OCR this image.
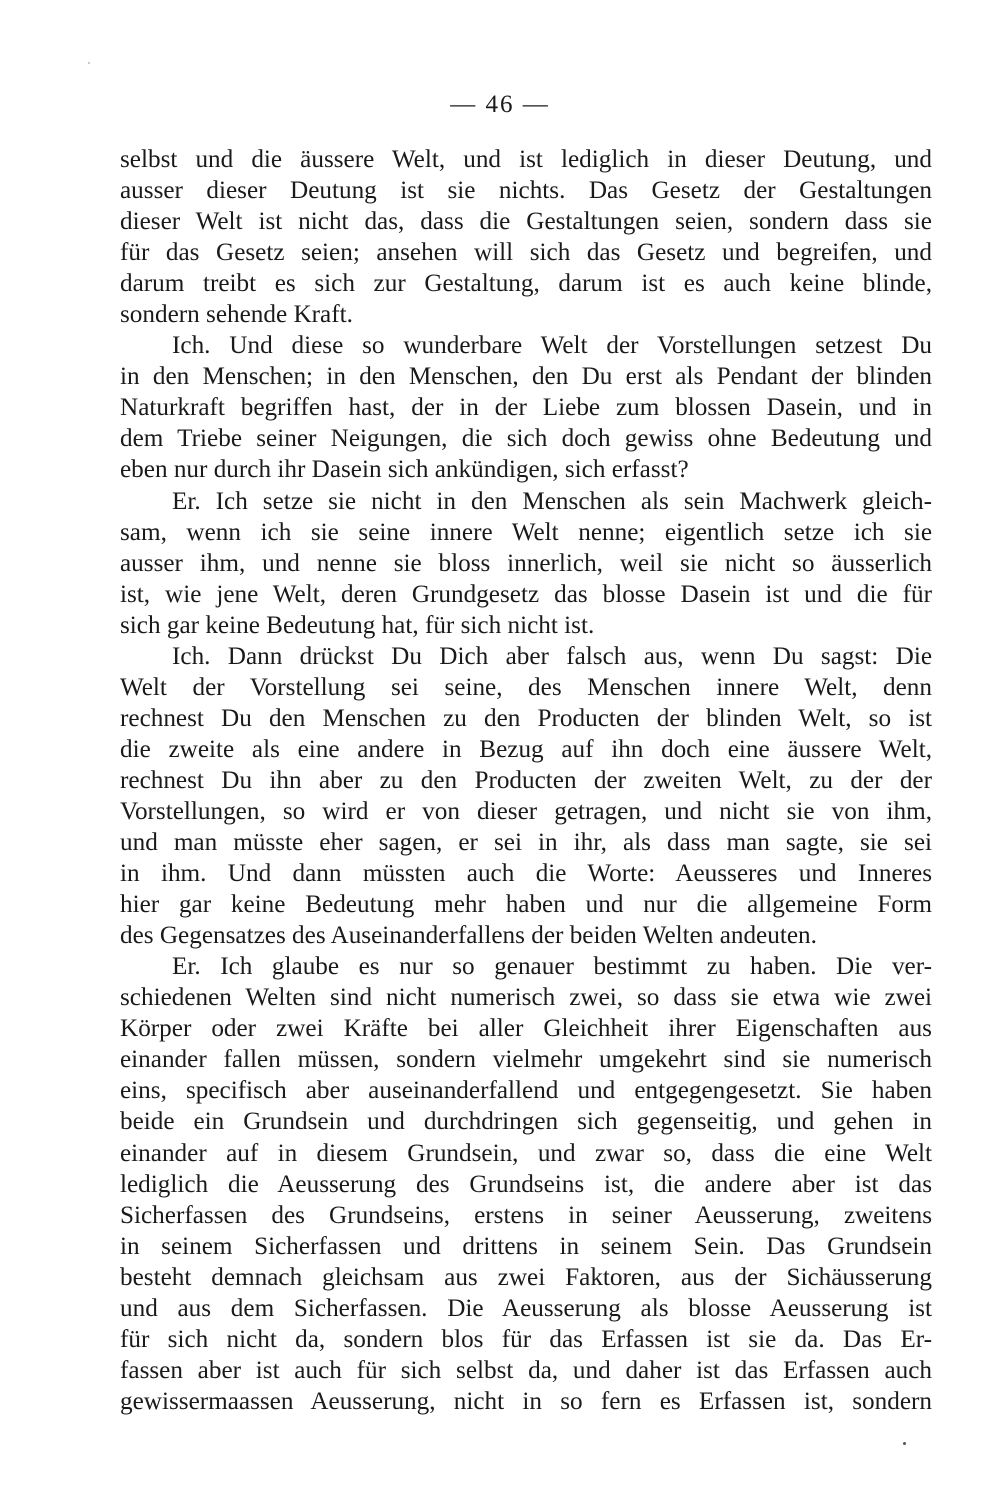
— 46 —
selbst und die äussere Welt, und ist lediglich in dieser Deutung, und
ausser dieser Deutung ist sie nichts. Das Gesetz der Gestaltungen
dieser Welt ist nicht das, dass die Gestaltungen seien, sondern dass sie
für das Gesetz seien; ansehen will sich das Gesetz und begreifen, und
darum treibt es sich zur Gestaltung, darum ist es auch keine blinde,
sondern sehende Kraft.
Ich. Und diese so wunderbare Welt der Vorstellungen setzest Du
in den Menschen; in den Menschen, den Du erst als Pendant der blinden
Naturkraft begriffen hast, der in der Liebe zum blossen Dasein, und in
dem Triebe seiner Neigungen, die sich doch gewiss ohne Bedeutung und
eben nur durch ihr Dasein sich ankündigen, sich erfasst?
Er. Ich setze sie nicht in den Menschen als sein Machwerk gleich-
sam, wenn ich sie seine innere Welt nenne; eigentlich setze ich sie
ausser ihm, und nenne sie bloss innerlich, weil sie nicht so äusserlich
ist, wie jene Welt, deren Grundgesetz das blosse Dasein ist und die für
sich gar keine Bedeutung hat, für sich nicht ist.
Ich. Dann drückst Du Dich aber falsch aus, wenn Du sagst: Die
Welt der Vorstellung sei seine, des Menschen innere Welt, denn
rechnest Du den Menschen zu den Producten der blinden Welt, so ist
die zweite als eine andere in Bezug auf ihn doch eine äussere Welt,
rechnest Du ihn aber zu den Producten der zweiten Welt, zu der der
Vorstellungen, so wird er von dieser getragen, und nicht sie von ihm,
und man müsste eher sagen, er sei in ihr, als dass man sagte, sie sei
in ihm. Und dann müssten auch die Worte: Aeusseres und Inneres
hier gar keine Bedeutung mehr haben und nur die allgemeine Form
des Gegensatzes des Auseinanderfallens der beiden Welten andeuten.
Er. Ich glaube es nur so genauer bestimmt zu haben. Die ver-
schiedenen Welten sind nicht numerisch zwei, so dass sie etwa wie zwei
Körper oder zwei Kräfte bei aller Gleichheit ihrer Eigenschaften aus
einander fallen müssen, sondern vielmehr umgekehrt sind sie numerisch
eins, specifisch aber auseinanderfallend und entgegengesetzt. Sie haben
beide ein Grundsein und durchdringen sich gegenseitig, und gehen in
einander auf in diesem Grundsein, und zwar so, dass die eine Welt
lediglich die Aeusserung des Grundseins ist, die andere aber ist das
Sicherfassen des Grundseins, erstens in seiner Aeusserung, zweitens
in seinem Sicherfassen und drittens in seinem Sein. Das Grundsein
besteht demnach gleichsam aus zwei Faktoren, aus der Sichäusserung
und aus dem Sicherfassen. Die Aeusserung als blosse Aeusserung ist
für sich nicht da, sondern blos für das Erfassen ist sie da. Das Er-
fassen aber ist auch für sich selbst da, und daher ist das Erfassen auch
gewissermaassen Aeusserung, nicht in so fern es Erfassen ist, sondern
